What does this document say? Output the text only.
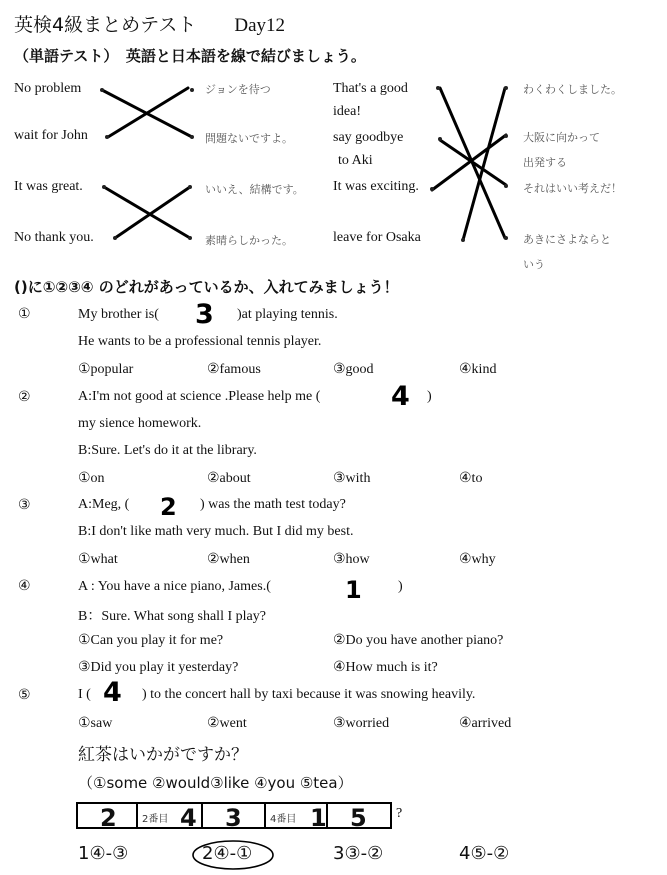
英検4級まとめテスト Day12
（単語テスト）　英語と日本語を線で結びましょう。
No problem
wait for John
It was great.
No thank you.
ジョンを待つ
問題ないですよ。
いいえ、結構です。
素晴らしかった。
That's a good
idea!
say goodbye
to Aki
It was exciting.
leave for Osaka
わくわくしました。
大阪に向かって
出発する
それはいい考えだ！
あきにさよならと
いう
()に①②③④ のどれがあっているか、入れてみましょう！
①	My brother is( 3 )at playing tennis.
He wants to be a professional tennis player.
①popular	②famous	③good	④kind
②	A:I'm not good at science .Please help me (	4 )
my sience homework.
B:Sure. Let's do it at the library.
①on	②about	③with	④to
③	A:Meg, ( 2 ) was the math test today?
B:I don't like math very much. But I did my best.
①what	②when	③how	④why
④	A : You have a nice piano, James.(	1	)
B：Sure. What song shall I play?
①Can you play it for me?	②Do you have another piano?
③Did you play it yesterday?	④How much is it?
⑤	I ( 4 ) to the concert hall by taxi because it was snowing heavily.
①saw	②went	③worried	④arrived
紅茶はいかがですか？
（①some ②would③like ④you ⑤tea）
2	2番目 4 3	4番目 1 5 ?
1④-③	2④-①	3③-②	4⑤-②
